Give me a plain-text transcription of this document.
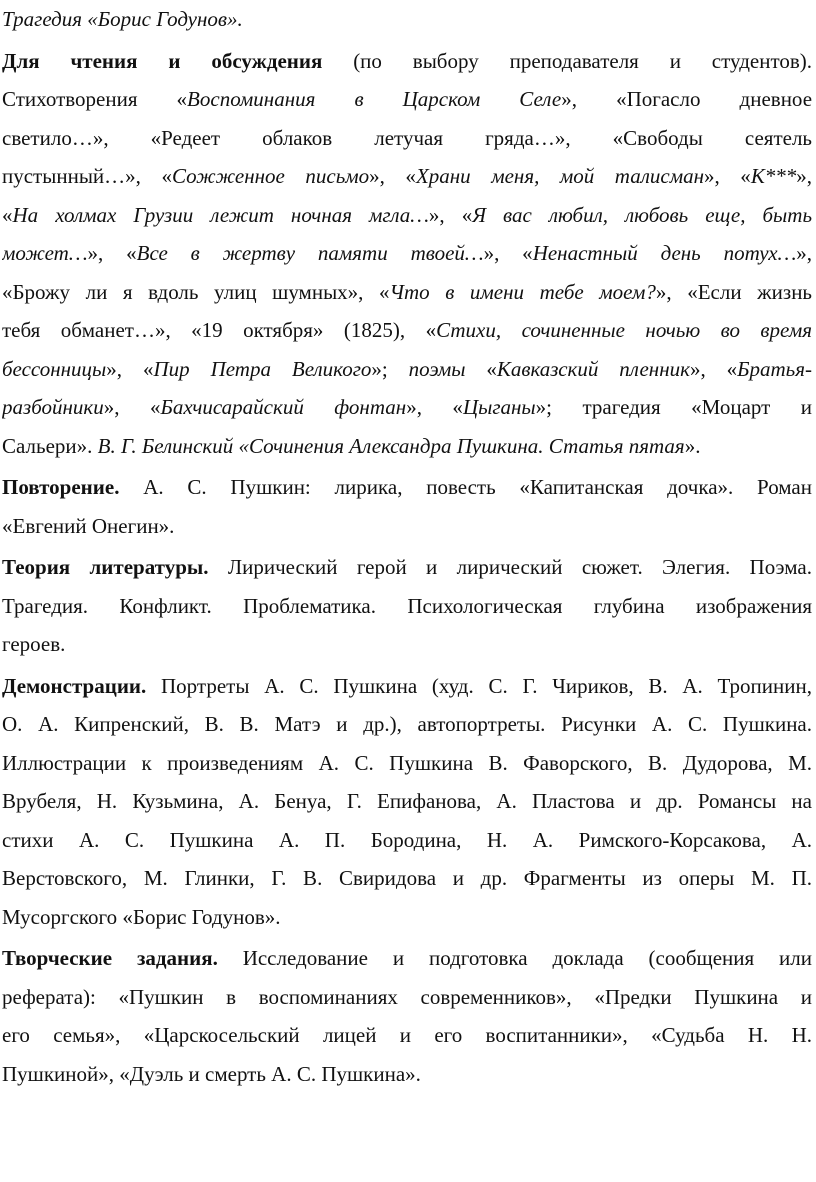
Трагедия «Борис Годунов».
Для чтения и обсуждения (по выбору преподавателя и студентов).
Стихотворения «Воспоминания в Царском Селе», «Погасло дневное
светило…», «Редеет облаков летучая гряда…», «Свободы сеятель
пустынный…», «Сожженное письмо», «Храни меня, мой талисман», «К***»,
«На холмах Грузии лежит ночная мгла…», «Я вас любил, любовь еще, быть
может…», «Все в жертву памяти твоей…», «Ненастный день потух…»,
«Брожу ли я вдоль улиц шумных», «Что в имени тебе моем?», «Если жизнь
тебя обманет…», «19 октября» (1825), «Стихи, сочиненные ночью во время
бессонницы», «Пир Петра Великого»; поэмы «Кавказский пленник», «Братья-
разбойники», «Бахчисарайский фонтан», «Цыганы»; трагедия «Моцарт и
Сальери». В. Г. Белинский «Сочинения Александра Пушкина. Статья пятая».
Повторение. А. С. Пушкин: лирика, повесть «Капитанская дочка». Роман
«Евгений Онегин».
Теория литературы. Лирический герой и лирический сюжет. Элегия. Поэма.
Трагедия. Конфликт. Проблематика. Психологическая глубина изображения
героев.
Демонстрации. Портреты А. С. Пушкина (худ. С. Г. Чириков, В. А. Тропинин,
О. А. Кипренский, В. В. Матэ и др.), автопортреты. Рисунки А. С. Пушкина.
Иллюстрации к произведениям А. С. Пушкина В. Фаворского, В. Дудорова, М.
Врубеля, Н. Кузьмина, А. Бенуа, Г. Епифанова, А. Пластова и др. Романсы на
стихи А. С. Пушкина А. П. Бородина, Н. А. Римского-Корсакова, А.
Верстовского, М. Глинки, Г. В. Свиридова и др. Фрагменты из оперы М. П.
Мусоргского «Борис Годунов».
Творческие задания. Исследование и подготовка доклада (сообщения или
реферата): «Пушкин в воспоминаниях современников», «Предки Пушкина и
его семья», «Царскосельский лицей и его воспитанники», «Судьба Н. Н.
Пушкиной», «Дуэль и смерть А. С. Пушкина».
